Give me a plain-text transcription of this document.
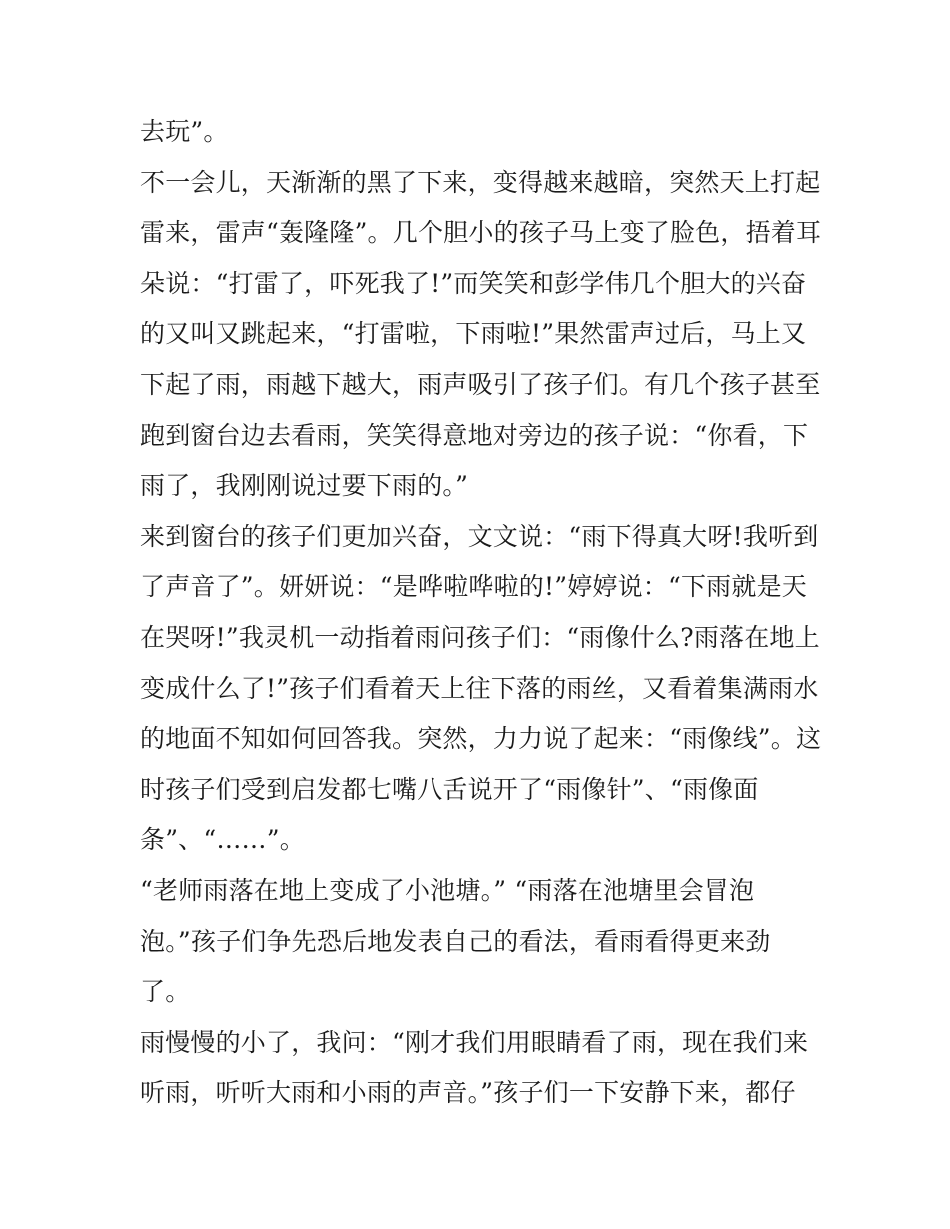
去玩”。
不一会儿，天渐渐的黑了下来，变得越来越暗，突然天上打起
雷来，雷声“轰隆隆”。几个胆小的孩子马上变了脸色，捂着耳
朵说：“打雷了，吓死我了!”而笑笑和彭学伟几个胆大的兴奋
的又叫又跳起来，“打雷啦，下雨啦!”果然雷声过后，马上又
下起了雨，雨越下越大，雨声吸引了孩子们。有几个孩子甚至
跑到窗台边去看雨，笑笑得意地对旁边的孩子说：“你看，下
雨了，我刚刚说过要下雨的。”
来到窗台的孩子们更加兴奋，文文说：“雨下得真大呀!我听到
了声音了”。妍妍说：“是哗啦哗啦的!”婷婷说：“下雨就是天
在哭呀!”我灵机一动指着雨问孩子们：“雨像什么?雨落在地上
变成什么了!”孩子们看着天上往下落的雨丝，又看着集满雨水
的地面不知如何回答我。突然，力力说了起来：“雨像线”。这
时孩子们受到启发都七嘴八舌说开了“雨像针”、“雨像面
条”、“……”。
“老师雨落在地上变成了小池塘。” “雨落在池塘里会冒泡
泡。”孩子们争先恐后地发表自己的看法，看雨看得更来劲
了。
雨慢慢的小了，我问：“刚才我们用眼睛看了雨，现在我们来
听雨，听听大雨和小雨的声音。”孩子们一下安静下来，都仔
